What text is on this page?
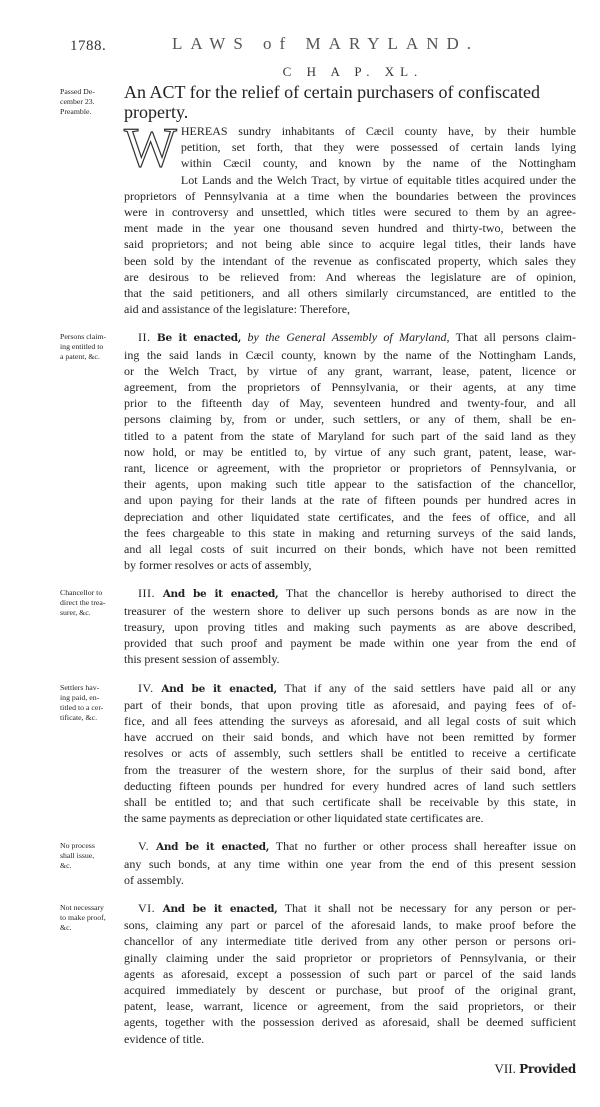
1788.	LAWS of MARYLAND.
C H A P. XL.
Passed De-
cember 23.
Preamble.
An ACT for the relief of certain purchasers of confiscated property.
W HEREAS sundry inhabitants of Cæcil county have, by their humble
petition, set forth, that they were possessed of certain lands lying
within Cæcil county, and known by the name of the Nottingham
Lot Lands and the Welch Tract, by virtue of equitable titles acquired under the
proprietors of Pennsylvania at a time when the boundaries between the provinces
were in controversy and unsettled, which titles were secured to them by an agree-
ment made in the year one thousand seven hundred and thirty-two, between the
said proprietors; and not being able since to acquire legal titles, their lands have
been sold by the intendant of the revenue as confiscated property, which sales they
are desirous to be relieved from: And whereas the legislature are of opinion,
that the said petitioners, and all others similarly circumstanced, are entitled to the
aid and assistance of the legislature: Therefore,
Persons claim-
ing entitled to
a patent, &c.
II. Be it enacted, by the General Assembly of Maryland, That all persons claim-
ing the said lands in Cæcil county, known by the name of the Nottingham Lands,
or the Welch Tract, by virtue of any grant, warrant, lease, patent, licence or
agreement, from the proprietors of Pennsylvania, or their agents, at any time
prior to the fifteenth day of May, seventeen hundred and twenty-four, and all
persons claiming by, from or under, such settlers, or any of them, shall be en-
titled to a patent from the state of Maryland for such part of the said land as they
now hold, or may be entitled to, by virtue of any such grant, patent, lease, war-
rant, licence or agreement, with the proprietor or proprietors of Pennsylvania, or
their agents, upon making such title appear to the satisfaction of the chancellor,
and upon paying for their lands at the rate of fifteen pounds per hundred acres in
depreciation and other liquidated state certificates, and the fees of office, and all
the fees chargeable to this state in making and returning surveys of the said lands,
and all legal costs of suit incurred on their bonds, which have not been remitted
by former resolves or acts of assembly,
Chancellor to
direct the trea-
surer, &c.
III. And be it enacted, That the chancellor is hereby authorised to direct the
treasurer of the western shore to deliver up such persons bonds as are now in the
treasury, upon proving titles and making such payments as are above described,
provided that such proof and payment be made within one year from the end of
this present session of assembly.
Settlers hav-
ing paid, en-
titled to a cer-
tificate, &c.
IV. And be it enacted, That if any of the said settlers have paid all or any
part of their bonds, that upon proving title as aforesaid, and paying fees of of-
fice, and all fees attending the surveys as aforesaid, and all legal costs of suit which
have accrued on their said bonds, and which have not been remitted by former
resolves or acts of assembly, such settlers shall be entitled to receive a certificate
from the treasurer of the western shore, for the surplus of their said bond, after
deducting fifteen pounds per hundred for every hundred acres of land such settlers
shall be entitled to; and that such certificate shall be receivable by this state, in
the same payments as depreciation or other liquidated state certificates are.
No process
shall issue,
&c.
V. And be it enacted, That no further or other process shall hereafter issue on
any such bonds, at any time within one year from the end of this present session
of assembly.
Not necessary
to make proof,
&c.
VI. And be it enacted, That it shall not be necessary for any person or per-
sons, claiming any part or parcel of the aforesaid lands, to make proof before the
chancellor of any intermediate title derived from any other person or persons ori-
ginally claiming under the said proprietor or proprietors of Pennsylvania, or their
agents as aforesaid, except a possession of such part or parcel of the said lands
acquired immediately by descent or purchase, but proof of the original grant,
patent, lease, warrant, licence or agreement, from the said proprietors, or their
agents, together with the possession derived as aforesaid, shall be deemed sufficient
evidence of title.
VII. Provided
